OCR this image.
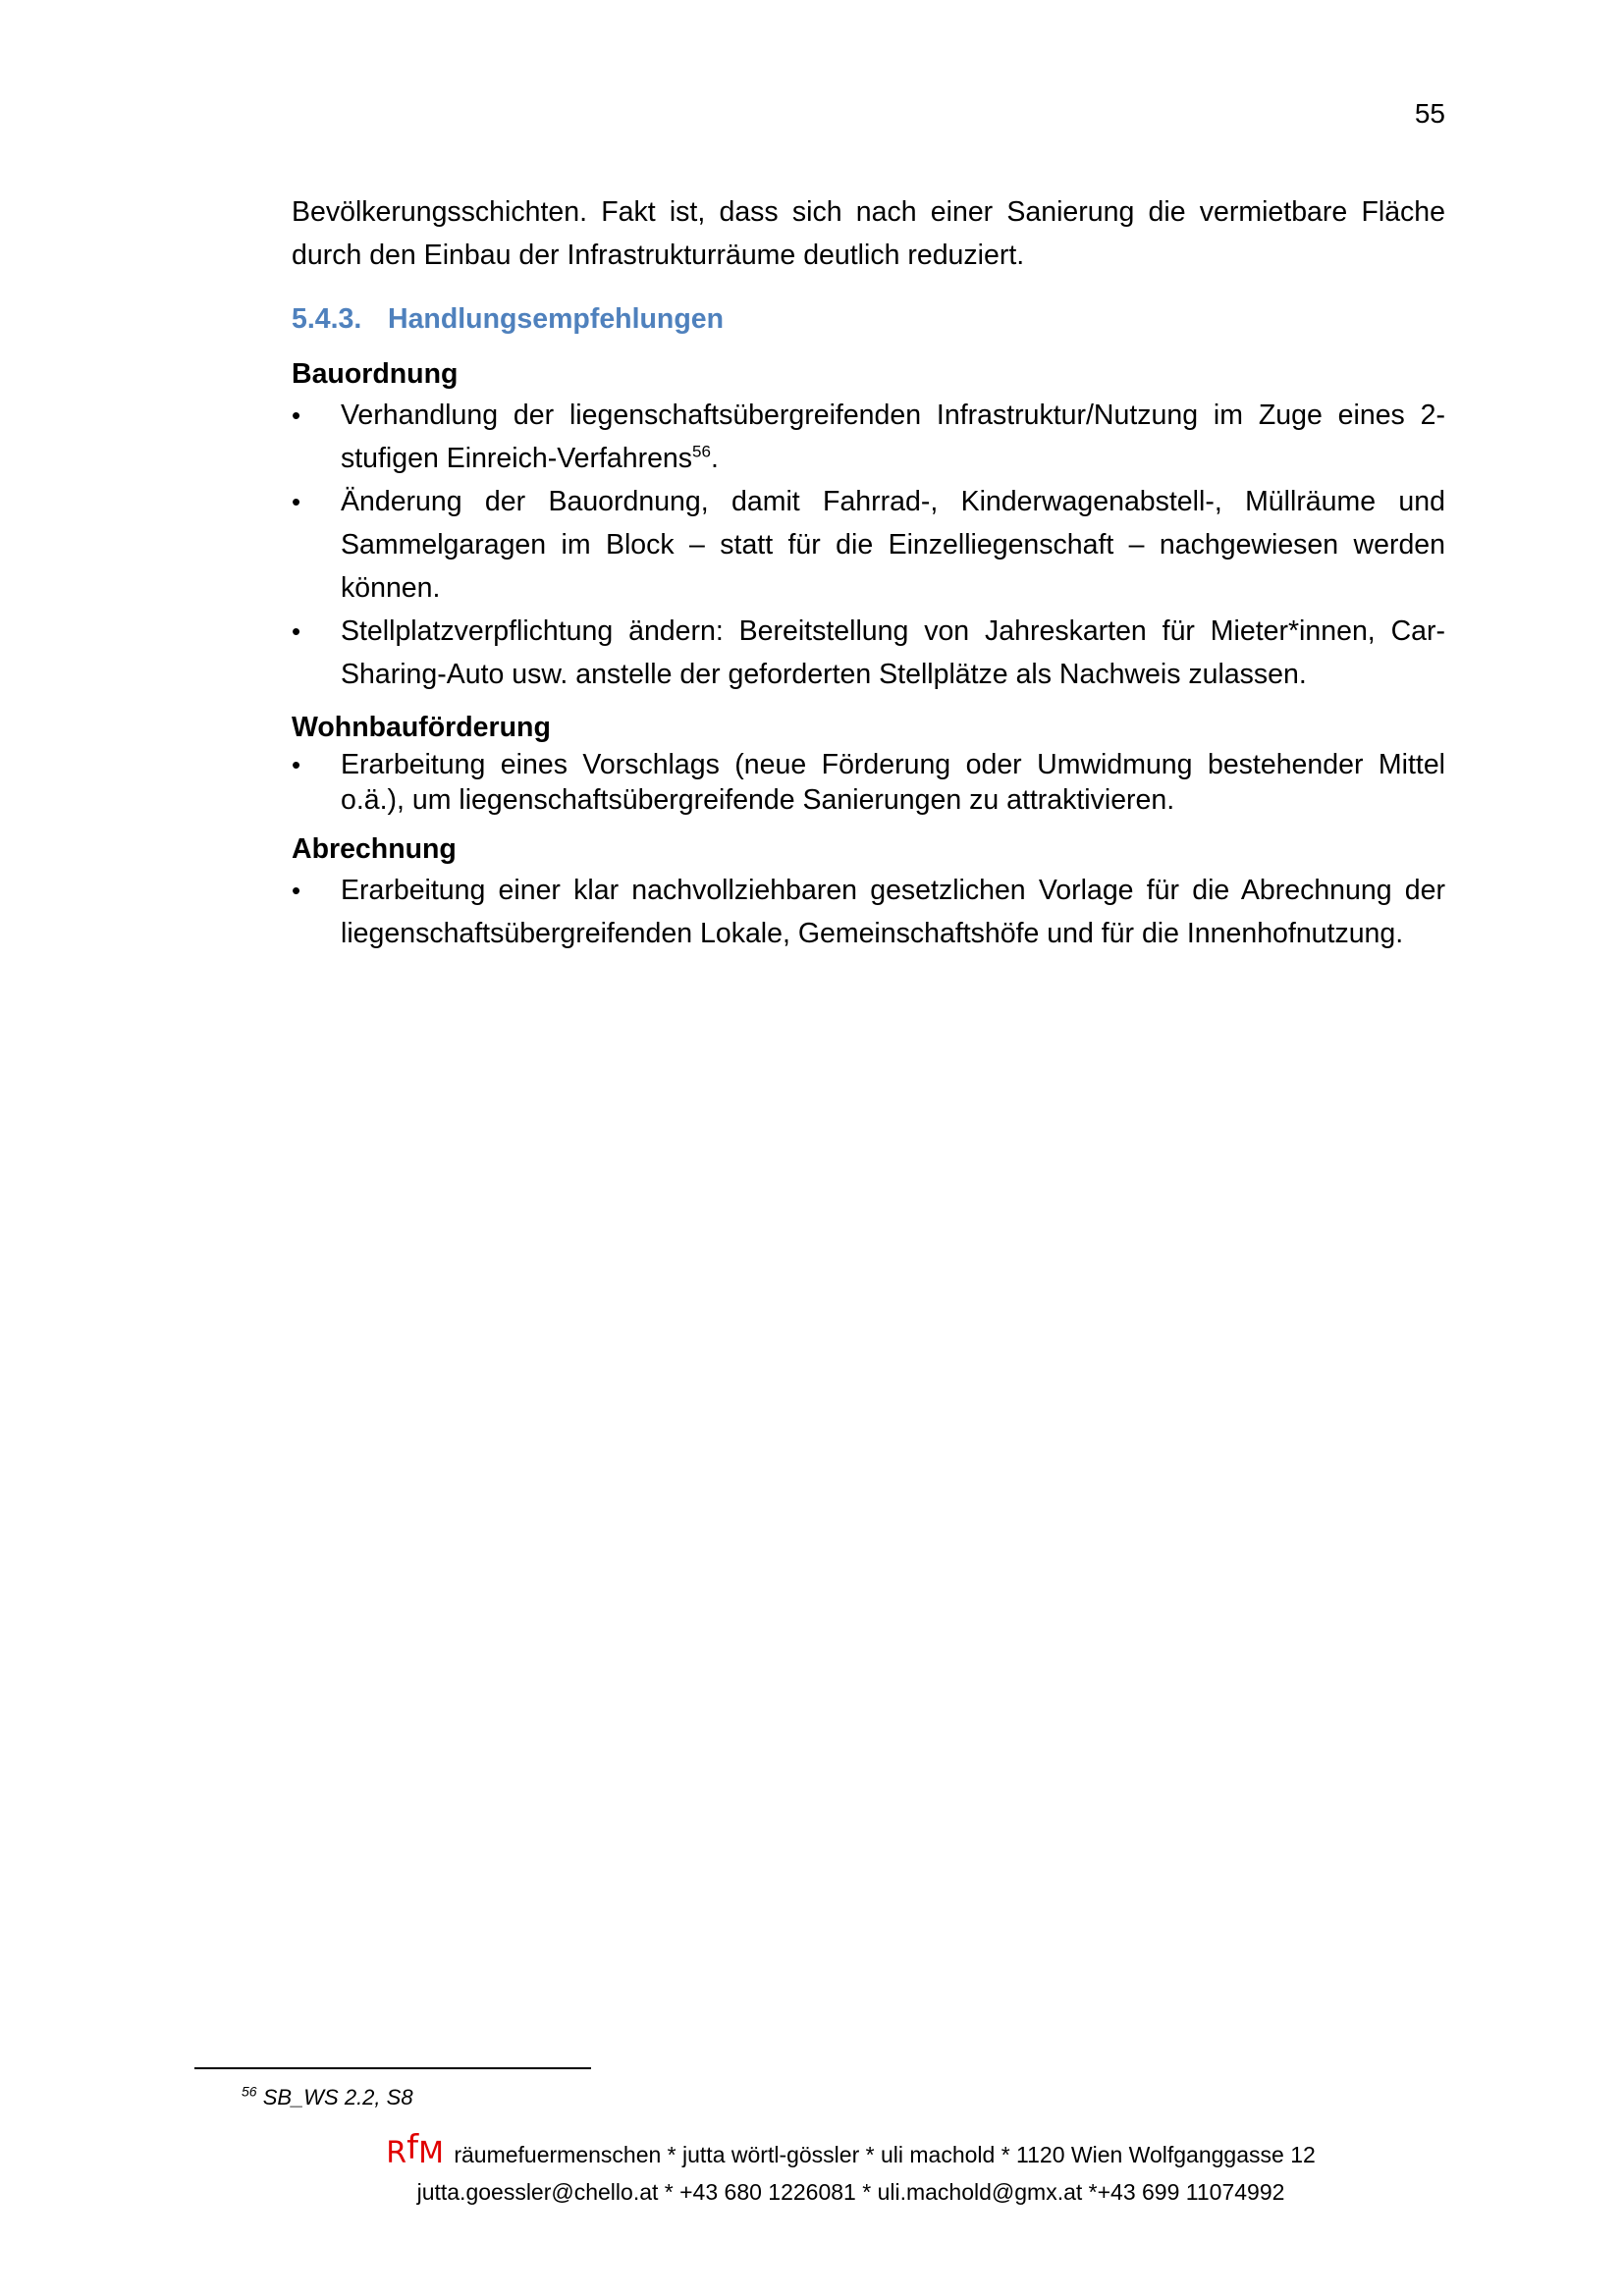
55

Bevölkerungsschichten. Fakt ist, dass sich nach einer Sanierung die vermietbare Fläche durch den Einbau der Infrastrukturräume deutlich reduziert.

5.4.3. Handlungsempfehlungen
Bauordnung
•	Verhandlung der liegenschaftsübergreifenden Infrastruktur/Nutzung im Zuge eines 2-stufigen Einreich-Verfahrens$^{56}$.
•	Änderung der Bauordnung, damit Fahrrad-, Kinderwagenabstell-, Müllräume und Sammelgaragen im Block – statt für die Einzelliegenschaft – nachgewiesen werden können.
•	Stellplatzverpflichtung ändern: Bereitstellung von Jahreskarten für Mieter*innen, Car-Sharing-Auto usw. anstelle der geforderten Stellplätze als Nachweis zulassen.
Wohnbauförderung
•	Erarbeitung eines Vorschlags (neue Förderung oder Umwidmung bestehender Mittel o.ä.), um liegenschaftsübergreifende Sanierungen zu attraktivieren.
Abrechnung
•	Erarbeitung einer klar nachvollziehbaren gesetzlichen Vorlage für die Abrechnung der liegenschaftsübergreifenden Lokale, Gemeinschaftshöfe und für die Innenhofnutzung.
$^{56}$ SB_WS 2.2, S8
RfM räumefuermenschen * jutta wörtl-gössler * uli machold * 1120 Wien Wolfganggasse 12
jutta.goessler@chello.at * +43 680 1226081 * uli.machold@gmx.at *+43 699 11074992
